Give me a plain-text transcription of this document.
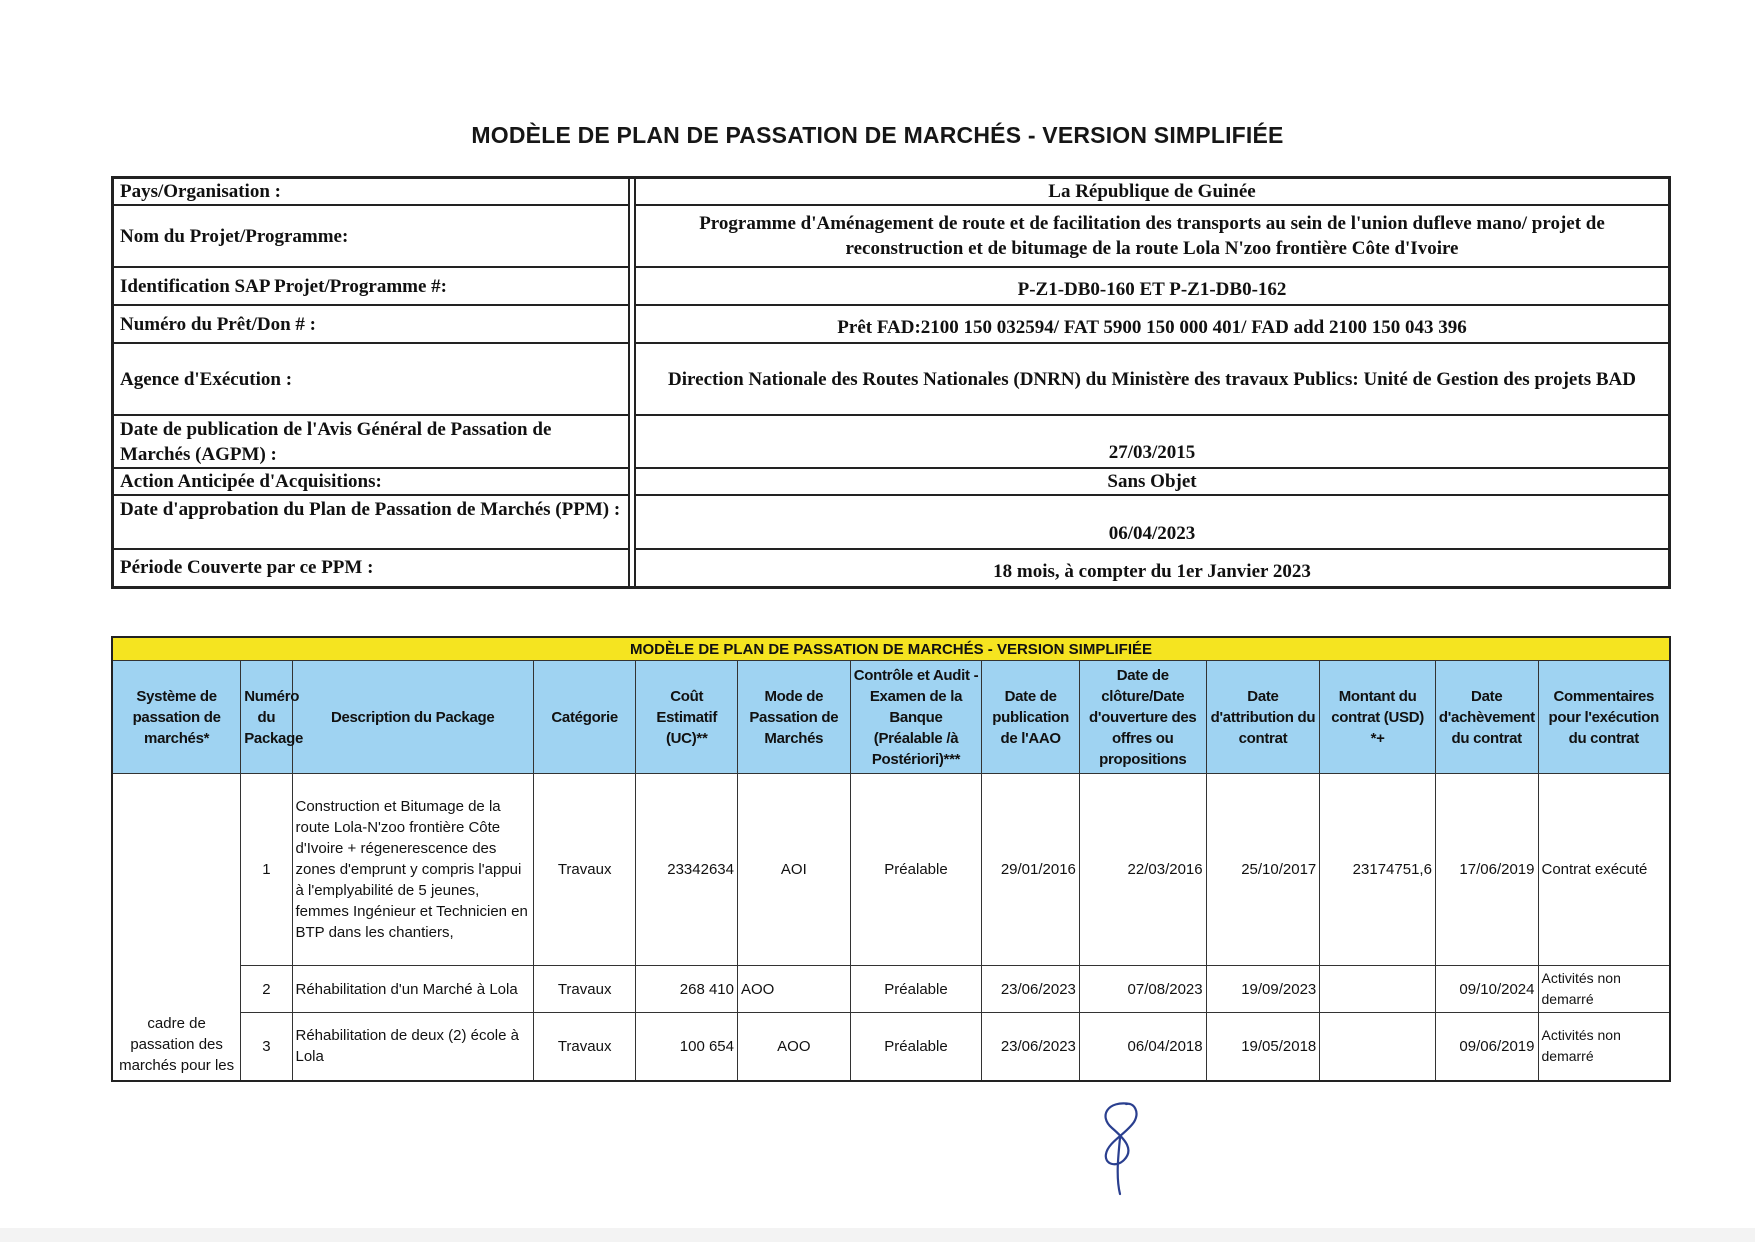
MODÈLE DE PLAN DE PASSATION DE MARCHÉS - VERSION SIMPLIFIÉE
Pays/Organisation :		La République de Guinée
Nom du Projet/Programme:		Programme d'Aménagement de route et de facilitation des transports au sein de l'union dufleve mano/ projet de reconstruction et de bitumage de la route Lola N'zoo frontière Côte d'Ivoire
Identification SAP Projet/Programme #:		P-Z1-DB0-160 ET P-Z1-DB0-162
Numéro du Prêt/Don # :		Prêt FAD:2100 150 032594/ FAT 5900 150 000 401/ FAD add 2100 150 043 396
Agence d'Exécution :		Direction Nationale des Routes Nationales (DNRN) du Ministère des travaux Publics: Unité de Gestion des projets BAD
Date de publication de l'Avis Général de Passation de Marchés (AGPM) :		27/03/2015
Action Anticipée d'Acquisitions:		Sans Objet
Date d'approbation du Plan de Passation de Marchés (PPM) :		06/04/2023
Période Couverte par ce PPM :		18 mois, à compter du 1er Janvier 2023
MODÈLE DE PLAN DE PASSATION DE MARCHÉS - VERSION SIMPLIFIÉE												
Système de passation de marchés*	Numéro du Package	Description du Package	Catégorie	Coût Estimatif (UC)**	Mode de Passation de Marchés	Contrôle et Audit - Examen de la Banque (Préalable /à Postériori)***	Date de publication de l'AAO	Date de clôture/Date d'ouverture des offres ou propositions	Date d'attribution du contrat	Montant du contrat (USD) *+	Date d'achèvement du contrat	Commentaires pour l'exécution du contrat
cadre de passation des marchés pour les	1	Construction et Bitumage de la route Lola-N'zoo frontière Côte d'Ivoire + régenerescence des zones d'emprunt y compris l'appui à l'emplyabilité de 5 jeunes, femmes Ingénieur et Technicien en BTP dans les chantiers,	Travaux	23342634	AOI	Préalable	29/01/2016	22/03/2016	25/10/2017	23174751,6	17/06/2019	Contrat exécuté
	2	Réhabilitation d'un Marché à Lola	Travaux	268 410	AOO	Préalable	23/06/2023	07/08/2023	19/09/2023		09/10/2024	Activités non demarré
	3	Réhabilitation de deux (2) école à Lola	Travaux	100 654	AOO	Préalable	23/06/2023	06/04/2018	19/05/2018		09/06/2019	Activités non demarré
